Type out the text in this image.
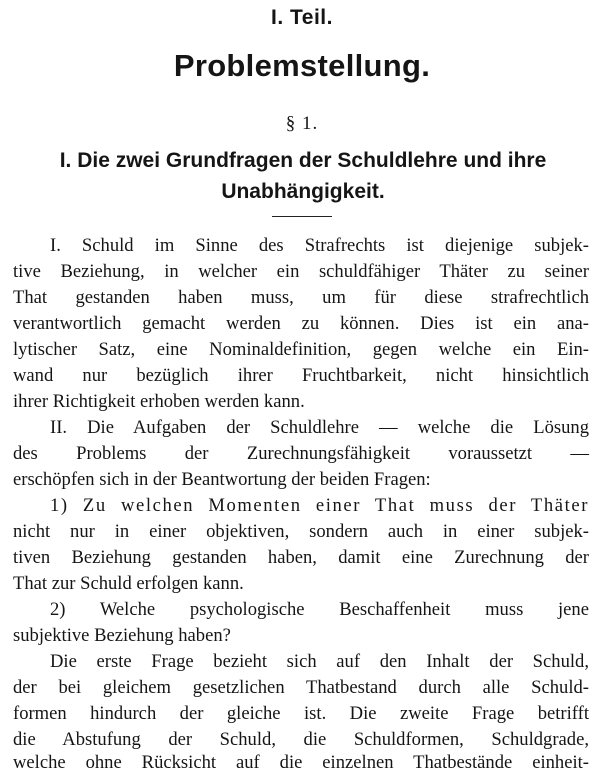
I. Teil.
Problemstellung.
§ 1.
I. Die zwei Grundfragen der Schuldlehre und ihre
Unabhängigkeit.
I. Schuld im Sinne des Strafrechts ist diejenige subjek-
tive Beziehung, in welcher ein schuldfähiger Thäter zu seiner
That gestanden haben muss, um für diese strafrechtlich
verantwortlich gemacht werden zu können. Dies ist ein ana-
lytischer Satz, eine Nominaldefinition, gegen welche ein Ein-
wand nur bezüglich ihrer Fruchtbarkeit, nicht hinsichtlich
ihrer Richtigkeit erhoben werden kann.
II. Die Aufgaben der Schuldlehre — welche die Lösung
des Problems der Zurechnungsfähigkeit voraussetzt —
erschöpfen sich in der Beantwortung der beiden Fragen:
1) Zu welchen Momenten einer That muss der Thäter
nicht nur in einer objektiven, sondern auch in einer subjek-
tiven Beziehung gestanden haben, damit eine Zurechnung der
That zur Schuld erfolgen kann.
2) Welche psychologische Beschaffenheit muss jene
subjektive Beziehung haben?
Die erste Frage bezieht sich auf den Inhalt der Schuld,
der bei gleichem gesetzlichen Thatbestand durch alle Schuld-
formen hindurch der gleiche ist. Die zweite Frage betrifft
die Abstufung der Schuld, die Schuldformen, Schuldgrade,
welche ohne Rücksicht auf die einzelnen Thatbestände einheit-
